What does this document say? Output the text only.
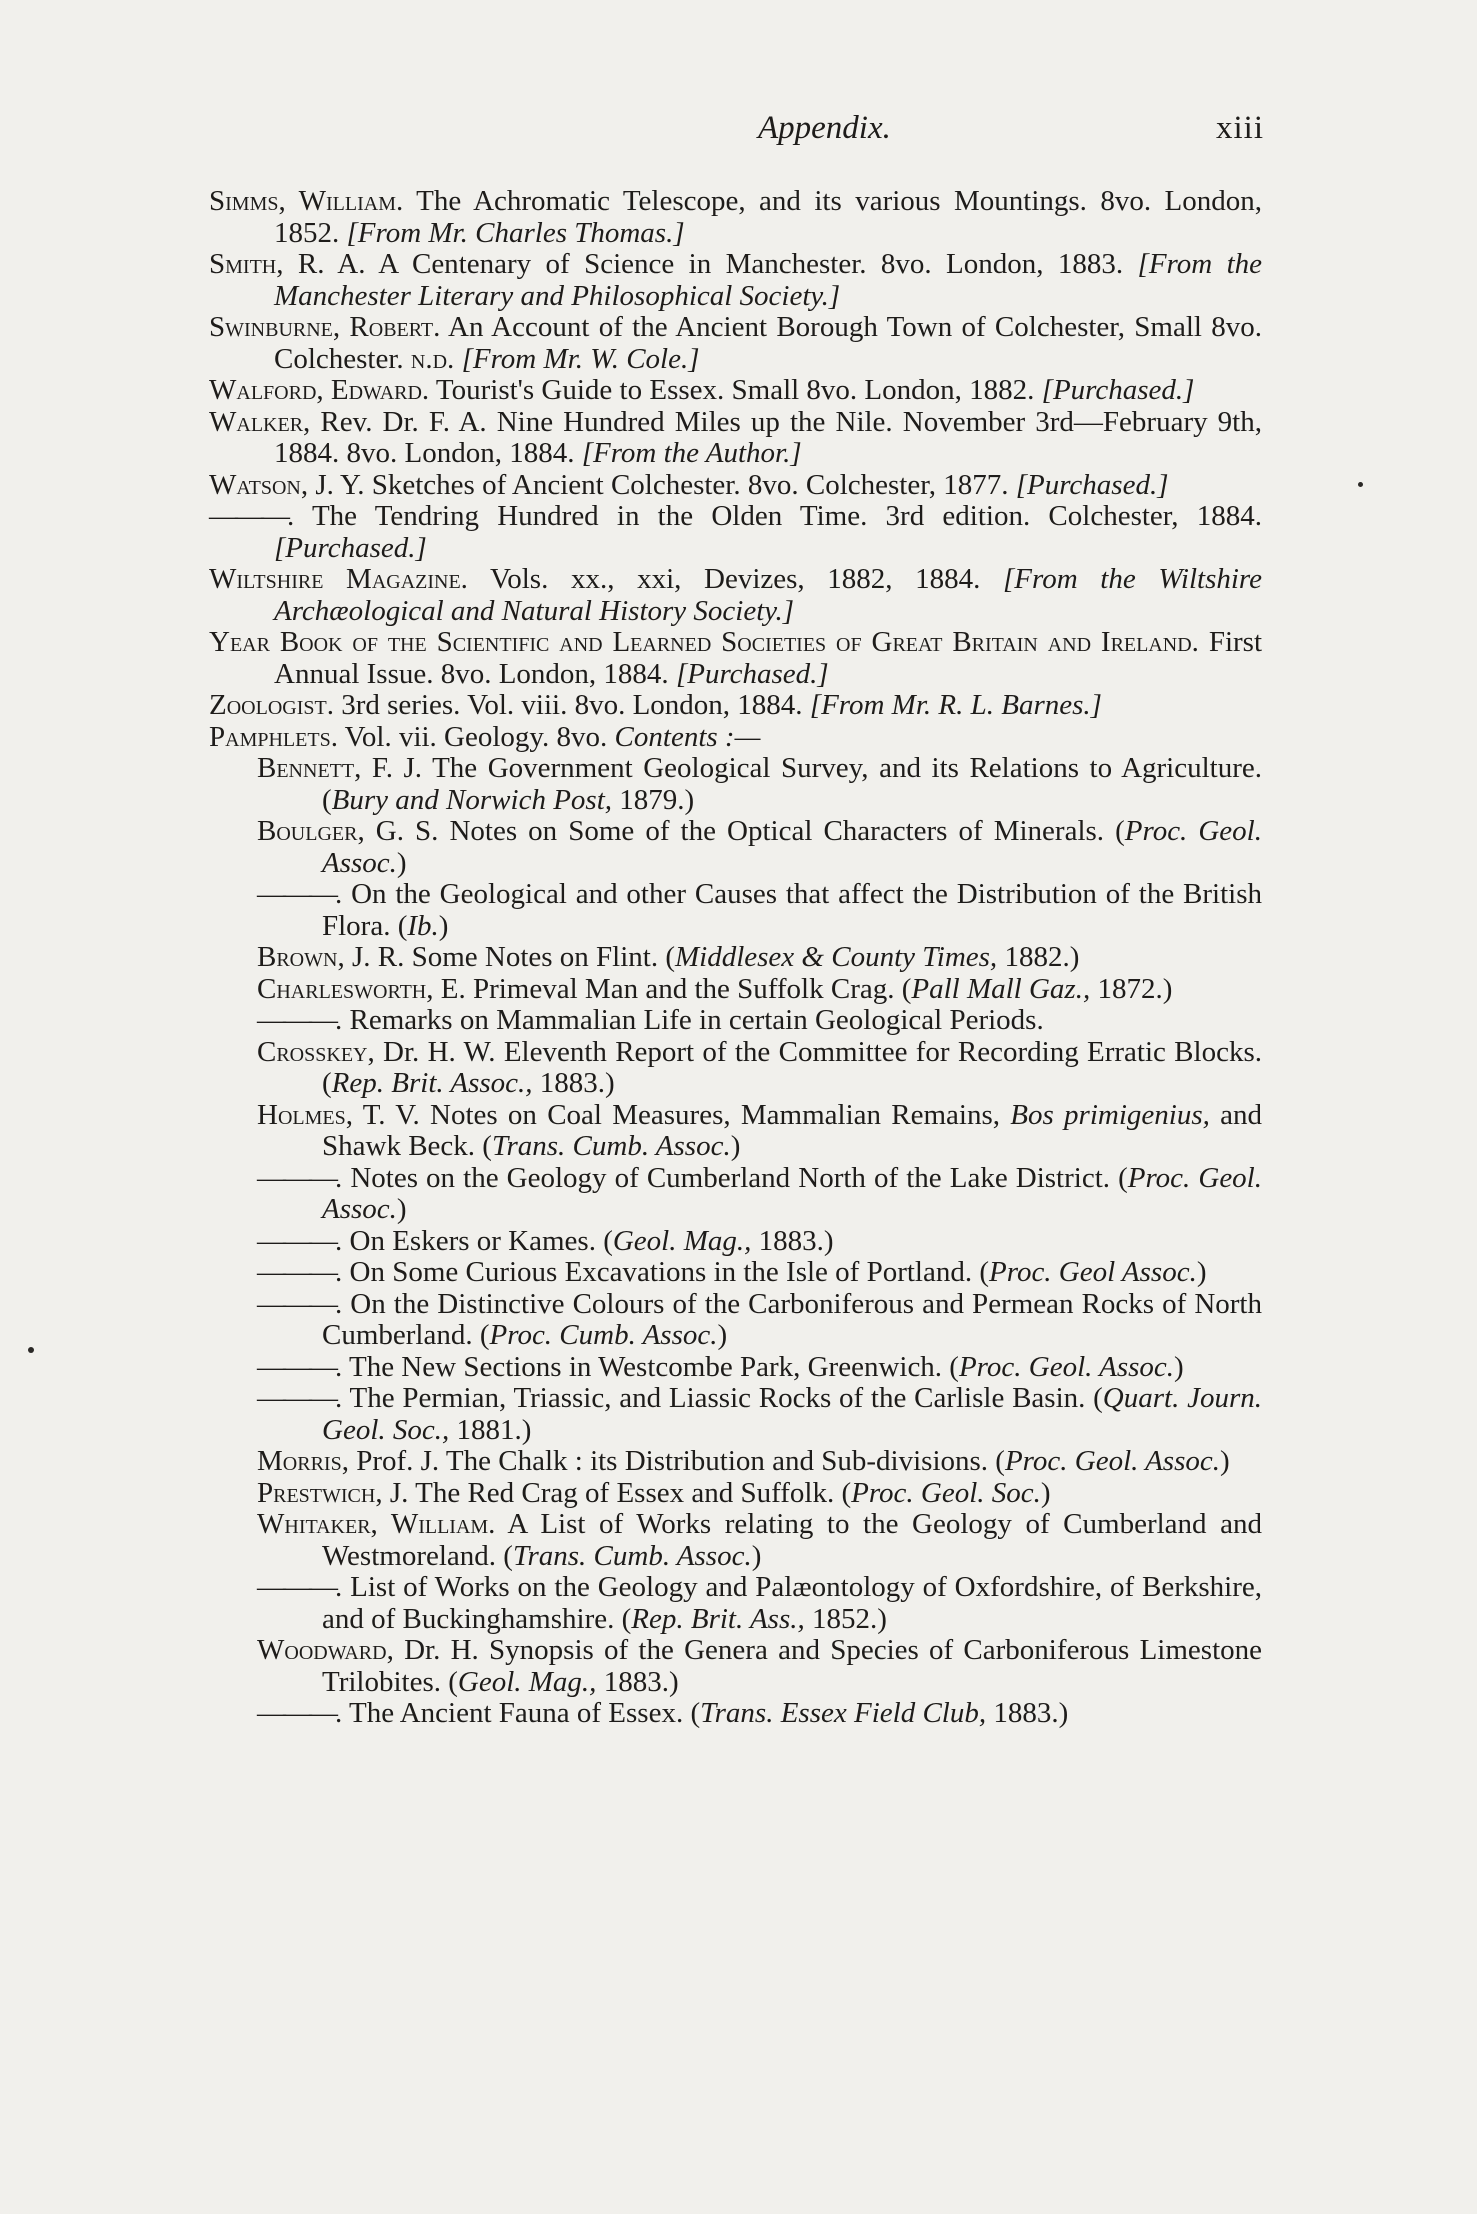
Appendix.	xiii

Simms, William. The Achromatic Telescope, and its various Mountings. 8vo. London, 1852. [From Mr. Charles Thomas.]

Smith, R. A. A Centenary of Science in Manchester. 8vo. London, 1883. [From the Manchester Literary and Philosophical Society.]

Swinburne, Robert. An Account of the Ancient Borough Town of Colchester, Small 8vo. Colchester. n.d. [From Mr. W. Cole.]

Walford, Edward. Tourist's Guide to Essex. Small 8vo. London, 1882. [Purchased.]

Walker, Rev. Dr. F. A. Nine Hundred Miles up the Nile. November 3rd—February 9th, 1884. 8vo. London, 1884. [From the Author.]

Watson, J. Y. Sketches of Ancient Colchester. 8vo. Colchester, 1877. [Purchased.]

———. The Tendring Hundred in the Olden Time. 3rd edition. Colchester, 1884. [Purchased.]

Wiltshire Magazine. Vols. xx., xxi, Devizes, 1882, 1884. [From the Wiltshire Archæological and Natural History Society.]

Year Book of the Scientific and Learned Societies of Great Britain and Ireland. First Annual Issue. 8vo. London, 1884. [Purchased.]

Zoologist. 3rd series. Vol. viii. 8vo. London, 1884. [From Mr. R. L. Barnes.]

Pamphlets. Vol. vii. Geology. 8vo. Contents :—

Bennett, F. J. The Government Geological Survey, and its Relations to Agriculture. (Bury and Norwich Post, 1879.)

Boulger, G. S. Notes on Some of the Optical Characters of Minerals. (Proc. Geol. Assoc.)

———. On the Geological and other Causes that affect the Distribution of the British Flora. (Ib.)

Brown, J. R. Some Notes on Flint. (Middlesex & County Times, 1882.)

Charlesworth, E. Primeval Man and the Suffolk Crag. (Pall Mall Gaz., 1872.)

———. Remarks on Mammalian Life in certain Geological Periods.

Crosskey, Dr. H. W. Eleventh Report of the Committee for Recording Erratic Blocks. (Rep. Brit. Assoc., 1883.)

Holmes, T. V. Notes on Coal Measures, Mammalian Remains, Bos primigenius, and Shawk Beck. (Trans. Cumb. Assoc.)

———. Notes on the Geology of Cumberland North of the Lake District. (Proc. Geol. Assoc.)

———. On Eskers or Kames. (Geol. Mag., 1883.)

———. On Some Curious Excavations in the Isle of Portland. (Proc. Geol Assoc.)

———. On the Distinctive Colours of the Carboniferous and Permean Rocks of North Cumberland. (Proc. Cumb. Assoc.)

———. The New Sections in Westcombe Park, Greenwich. (Proc. Geol. Assoc.)

———. The Permian, Triassic, and Liassic Rocks of the Carlisle Basin. (Quart. Journ. Geol. Soc., 1881.)

Morris, Prof. J. The Chalk : its Distribution and Sub-divisions. (Proc. Geol. Assoc.)

Prestwich, J. The Red Crag of Essex and Suffolk. (Proc. Geol. Soc.)

Whitaker, William. A List of Works relating to the Geology of Cumberland and Westmoreland. (Trans. Cumb. Assoc.)

———. List of Works on the Geology and Palæontology of Oxfordshire, of Berkshire, and of Buckinghamshire. (Rep. Brit. Ass., 1852.)

Woodward, Dr. H. Synopsis of the Genera and Species of Carboniferous Limestone Trilobites. (Geol. Mag., 1883.)

———. The Ancient Fauna of Essex. (Trans. Essex Field Club, 1883.)
